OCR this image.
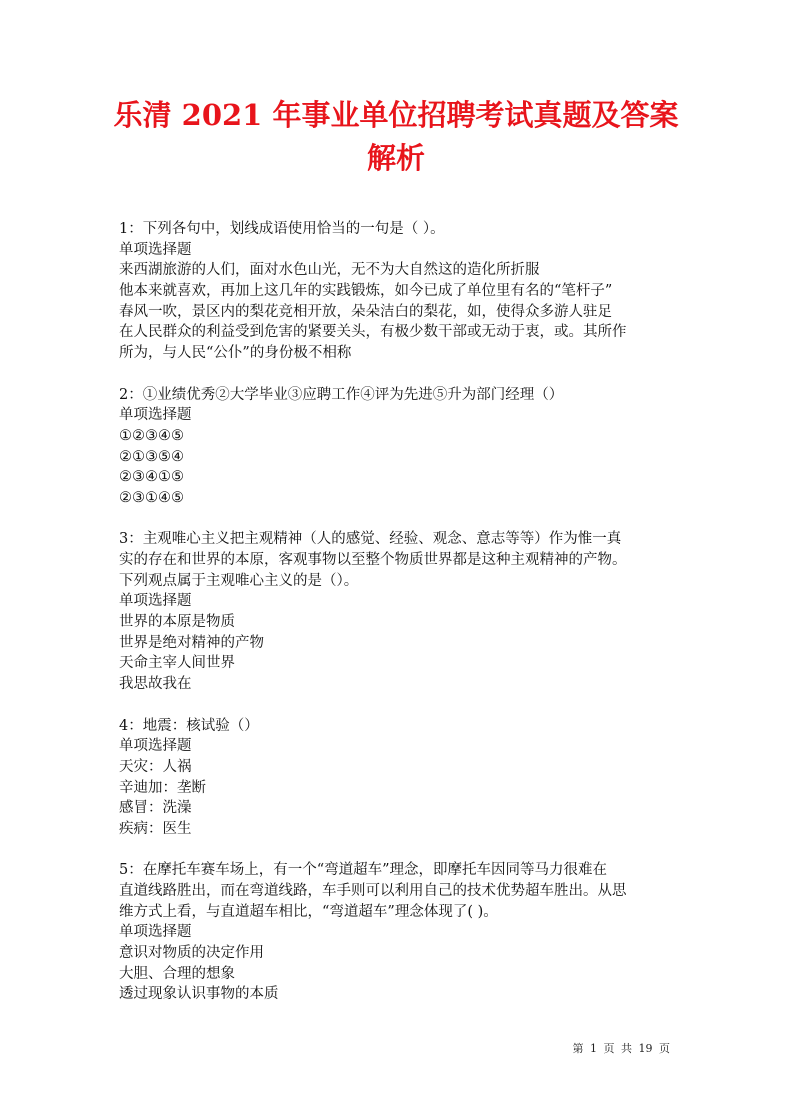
乐清 2021 年事业单位招聘考试真题及答案
解析
1：下列各句中，划线成语使用恰当的一句是（ ）。
单项选择题
来西湖旅游的人们，面对水色山光，无不为大自然这的造化所折服
他本来就喜欢，再加上这几年的实践锻炼，如今已成了单位里有名的“笔杆子”
春风一吹，景区内的梨花竞相开放，朵朵洁白的梨花，如，使得众多游人驻足
在人民群众的利益受到危害的紧要关头，有极少数干部或无动于衷，或。其所作
所为，与人民“公仆”的身份极不相称
2：①业绩优秀②大学毕业③应聘工作④评为先进⑤升为部门经理（）
单项选择题
①②③④⑤
②①③⑤④
②③④①⑤
②③①④⑤
3：主观唯心主义把主观精神（人的感觉、经验、观念、意志等等）作为惟一真
实的存在和世界的本原，客观事物以至整个物质世界都是这种主观精神的产物。
下列观点属于主观唯心主义的是（）。
单项选择题
世界的本原是物质
世界是绝对精神的产物
天命主宰人间世界
我思故我在
4：地震：核试验（）
单项选择题
天灾：人祸
辛迪加：垄断
感冒：洗澡
疾病：医生
5：在摩托车赛车场上，有一个“弯道超车”理念，即摩托车因同等马力很难在
直道线路胜出，而在弯道线路，车手则可以利用自己的技术优势超车胜出。从思
维方式上看，与直道超车相比，“弯道超车”理念体现了( )。
单项选择题
意识对物质的决定作用
大胆、合理的想象
透过现象认识事物的本质
第 1 页 共 19 页
